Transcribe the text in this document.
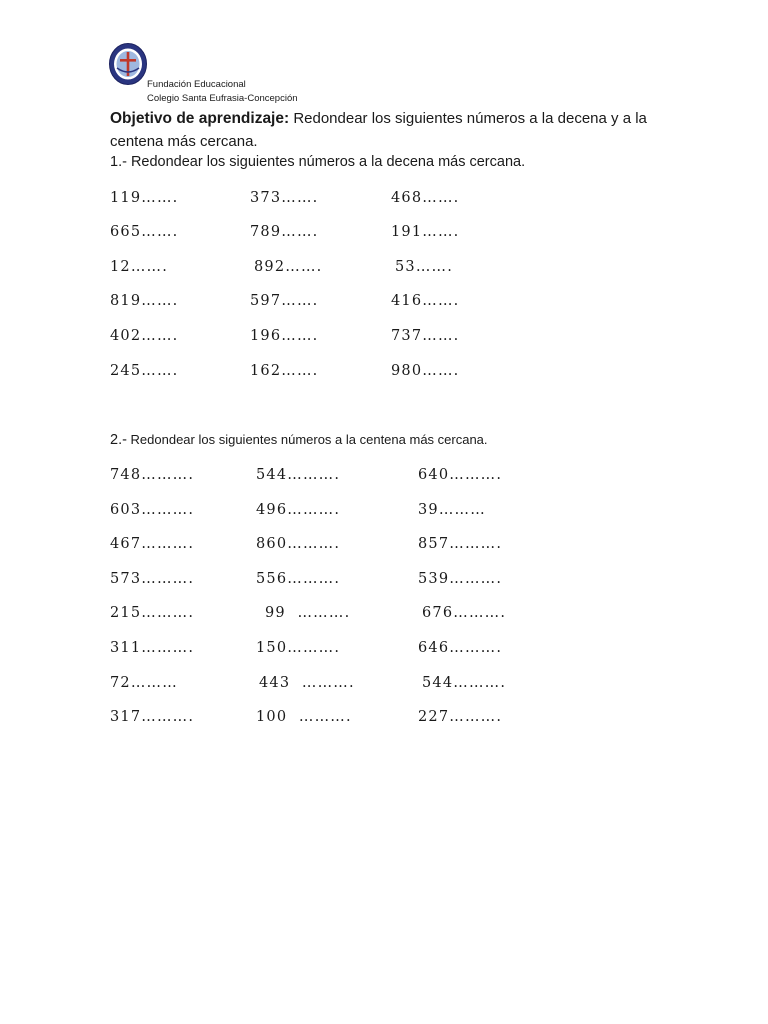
Fundación Educacional
Colegio Santa Eufrasia-Concepción
Objetivo de aprendizaje: Redondear los siguientes números a la decena y a la centena más cercana.
1.- Redondear los siguientes números a la decena más cercana.
119…….	373…….	468…….
665…….	789…….	191…….
12…….	892…….	53…….
819…….	597…….	416…….
402…….	196…….	737…….
245…….	162…….	980…….
2.- Redondear los siguientes números a la centena más cercana.
748……….	544……….	640……….
603……….	496……….	39………
467……….	860……….	857……….
573……….	556……….	539……….
215……….	99  ……….	676……….
311……….	150……….	646……….
72………	443  ……….	544……….
317……….	100  ……….	227……….
